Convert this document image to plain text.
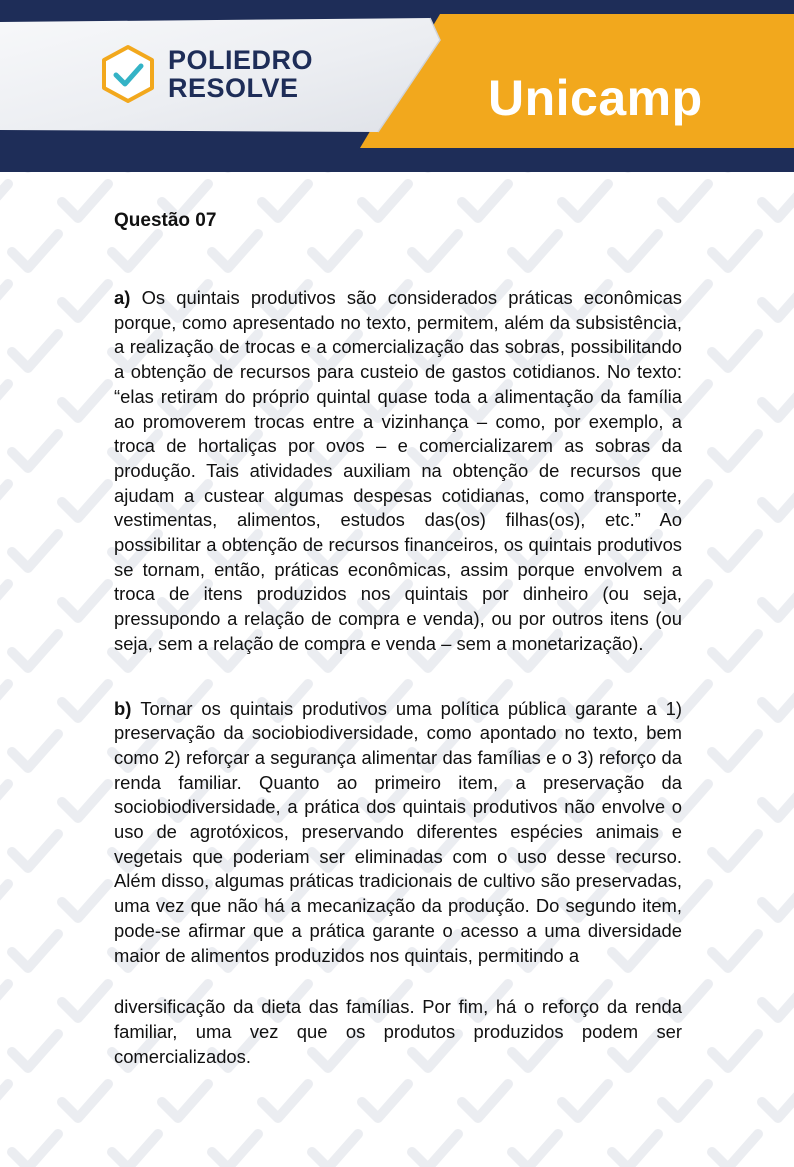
POLIEDRO
RESOLVE	Unicamp
Questão 07

a) Os quintais produtivos são considerados práticas econômicas porque, como apresentado no texto, permitem, além da subsistência, a realização de trocas e a comercialização das sobras, possibilitando a obtenção de recursos para custeio de gastos cotidianos. No texto: “elas retiram do próprio quintal quase toda a alimentação da família ao promoverem trocas entre a vizinhança – como, por exemplo, a troca de hortaliças por ovos – e comercializarem as sobras da produção. Tais atividades auxiliam na obtenção de recursos que ajudam a custear algumas despesas cotidianas, como transporte, vestimentas, alimentos, estudos das(os) filhas(os), etc.” Ao possibilitar a obtenção de recursos financeiros, os quintais produtivos se tornam, então, práticas econômicas, assim porque envolvem a troca de itens produzidos nos quintais por dinheiro (ou seja, pressupondo a relação de compra e venda), ou por outros itens (ou seja, sem a relação de compra e venda – sem a monetarização).

b) Tornar os quintais produtivos uma política pública garante a 1) preservação da sociobiodiversidade, como apontado no texto, bem como 2) reforçar a segurança alimentar das famílias e o 3) reforço da renda familiar. Quanto ao primeiro item, a preservação da sociobiodiversidade, a prática dos quintais produtivos não envolve o uso de agrotóxicos, preservando diferentes espécies animais e vegetais que poderiam ser eliminadas com o uso desse recurso. Além disso, algumas práticas tradicionais de cultivo são preservadas, uma vez que não há a mecanização da produção. Do segundo item, pode-se afirmar que a prática garante o acesso a uma diversidade maior de alimentos produzidos nos quintais, permitindo a

diversificação da dieta das famílias. Por fim, há o reforço da renda familiar, uma vez que os produtos produzidos podem ser comercializados.
